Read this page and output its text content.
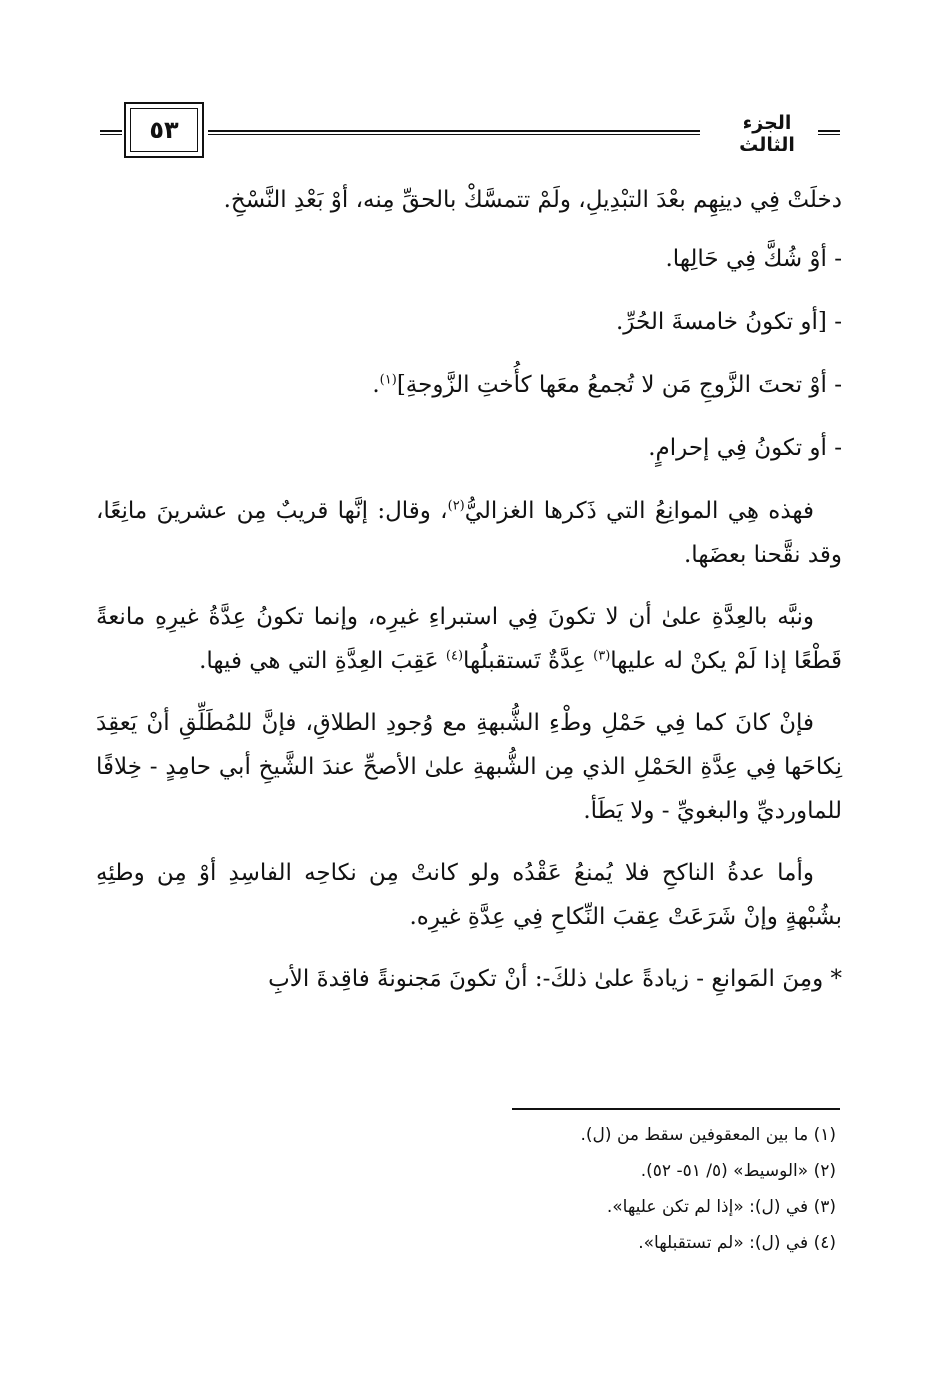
٥٣	الجزء الثالث

دخلَتْ فِي دينِهِم بعْدَ التبْدِيلِ، ولَمْ تتمسَّكْ بالحقِّ مِنه، أوْ بَعْدِ النَّسْخِ.

- أوْ شُكَّ فِي حَالِها.

- [أو تكونُ خامسةَ الحُرِّ.

- أوْ تحتَ الزَّوجِ مَن لا تُجمعُ معَها كأُختِ الزَّوجةِ]$^{(١)}$.

- أو تكونُ فِي إحرامٍ.

فهذه هِي الموانِعُ التي ذَكرها الغزاليُّ$^{(٢)}$، وقال: إنَّها قريبٌ مِن عشرينَ مانِعًا، وقد نقَّحنا بعضَها.

ونبَّه بالعِدَّةِ علىٰ أن لا تكونَ فِي استبراءِ غيرِه، وإنما تكونُ عِدَّةُ غيرِهِ مانعةً قَطْعًا إذا لَمْ يكنْ له عليها$^{(٣)}$ عِدَّةٌ تَستقبلُها$^{(٤)}$ عَقِبَ العِدَّةِ التي هي فيها.

فإنْ كانَ كما فِي حَمْلِ وطْءِ الشُّبهةِ مع وُجودِ الطلاقِ، فإنَّ للمُطَلِّقِ أنْ يَعقِدَ نِكاحَها فِي عِدَّةِ الحَمْلِ الذي مِن الشُّبهةِ علىٰ الأصحِّ عندَ الشَّيخِ أبي حامِدٍ - خِلافًا للماورديِّ والبغويِّ - ولا يَطَأ.

وأما عدةُ الناكحِ فلا يُمنعُ عَقْدُه ولو كانتْ مِن نكاحِه الفاسِدِ أوْ مِن وطئِهِ بشُبْهةٍ وإنْ شَرَعَتْ عِقبَ النِّكاحِ فِي عِدَّةِ غيرِه.

* ومِنَ المَوانعِ - زيادةً علىٰ ذلكَ-: أنْ تكونَ مَجنونةً فاقِدةَ الأبِ

(١) ما بين المعقوفين سقط من (ل).
(٢) «الوسيط» (٥/ ٥١- ٥٢).
(٣) في (ل): «إذا لم تكن عليها».
(٤) في (ل): «لم تستقبلها».
